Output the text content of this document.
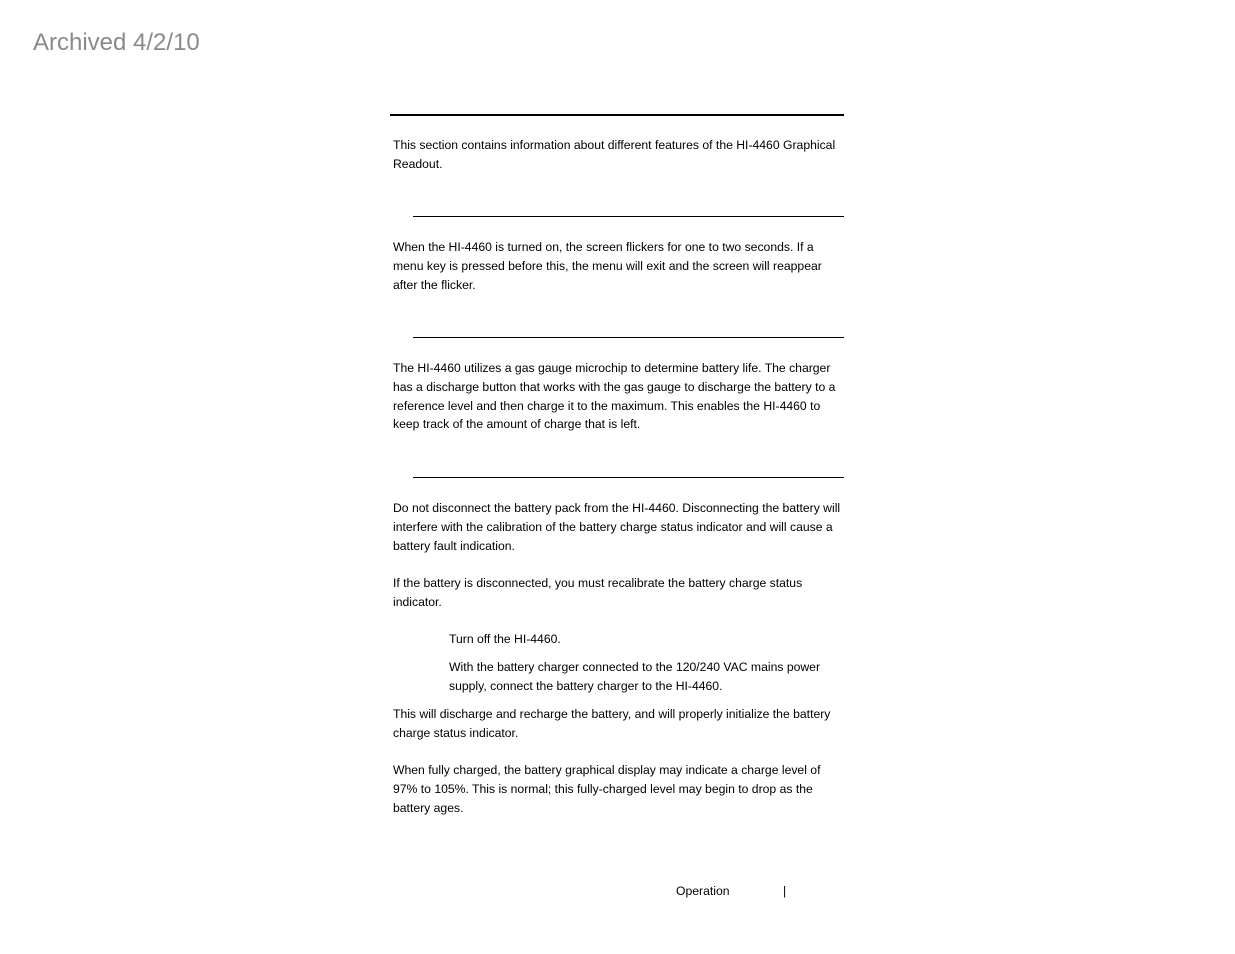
Archived 4/2/10

This section contains information about different features of the HI-4460 Graphical Readout.

When the HI-4460 is turned on, the screen flickers for one to two seconds. If a menu key is pressed before this, the menu will exit and the screen will reappear after the flicker.

The HI-4460 utilizes a gas gauge microchip to determine battery life. The charger has a discharge button that works with the gas gauge to discharge the battery to a reference level and then charge it to the maximum. This enables the HI-4460 to keep track of the amount of charge that is left.

Do not disconnect the battery pack from the HI-4460. Disconnecting the battery will interfere with the calibration of the battery charge status indicator and will cause a battery fault indication.

If the battery is disconnected, you must recalibrate the battery charge status indicator.

Turn off the HI-4460.

With the battery charger connected to the 120/240 VAC mains power supply, connect the battery charger to the HI-4460.

This will discharge and recharge the battery, and will properly initialize the battery charge status indicator.

When fully charged, the battery graphical display may indicate a charge level of 97% to 105%. This is normal; this fully-charged level may begin to drop as the battery ages.

Operation	|
